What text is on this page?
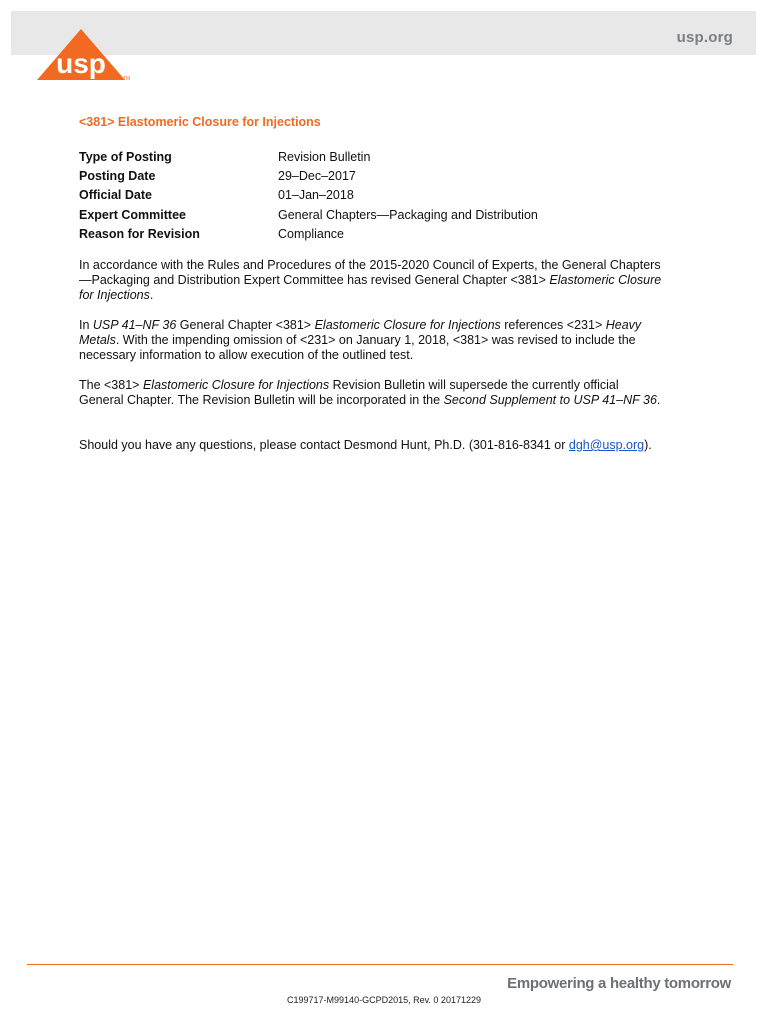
usp.org
usp	TM
<381> Elastomeric Closure for Injections
Type of Posting	Revision Bulletin
Posting Date	29–Dec–2017
Official Date	01–Jan–2018
Expert Committee	General Chapters—Packaging and Distribution
Reason for Revision	Compliance

In accordance with the Rules and Procedures of the 2015-2020 Council of Experts, the General Chapters—Packaging and Distribution Expert Committee has revised General Chapter <381> Elastomeric Closure for Injections.

In USP 41–NF 36 General Chapter <381> Elastomeric Closure for Injections references <231> Heavy Metals. With the impending omission of <231> on January 1, 2018, <381> was revised to include the necessary information to allow execution of the outlined test.

The <381> Elastomeric Closure for Injections Revision Bulletin will supersede the currently official General Chapter. The Revision Bulletin will be incorporated in the Second Supplement to USP 41–NF 36.

Should you have any questions, please contact Desmond Hunt, Ph.D. (301-816-8341 or dgh@usp.org).

Empowering a healthy tomorrow
C199717-M99140-GCPD2015, Rev. 0 20171229
